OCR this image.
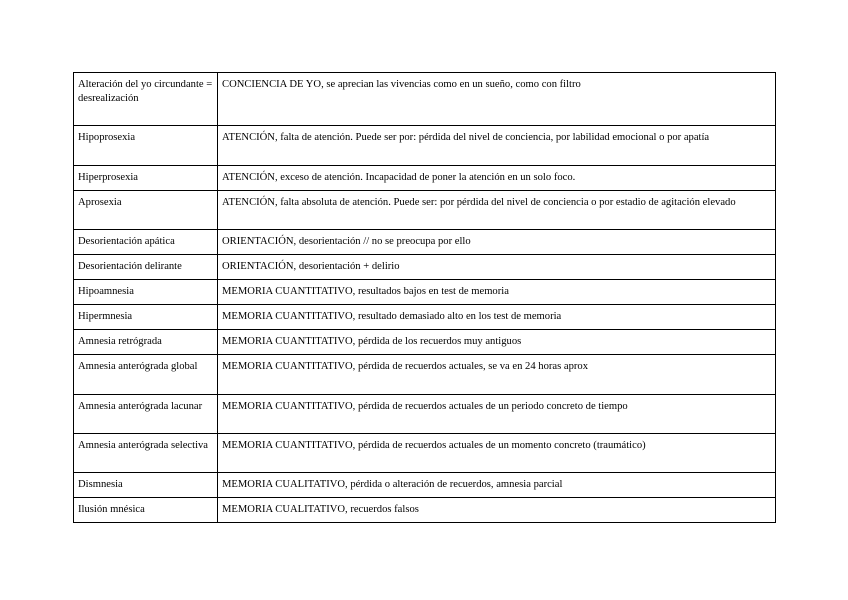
Alteración del yo circundante = desrealización	CONCIENCIA DE YO, se aprecian las vivencias como en un sueño, como con filtro
Hipoprosexia	ATENCIÓN, falta de atención. Puede ser por: pérdida del nivel de conciencia, por labilidad emocional o por apatía
Hiperprosexia	ATENCIÓN, exceso de atención. Incapacidad de poner la atención en un solo foco.
Aprosexia	ATENCIÓN, falta absoluta de atención. Puede ser: por pérdida del nivel de conciencia o por estadio de agitación elevado
Desorientación apática	ORIENTACIÓN, desorientación // no se preocupa por ello
Desorientación delirante	ORIENTACIÓN, desorientación + delirio
Hipoamnesia	MEMORIA CUANTITATIVO, resultados bajos en test de memoria
Hipermnesia	MEMORIA CUANTITATIVO, resultado demasiado alto en los test de memoria
Amnesia retrógrada	MEMORIA CUANTITATIVO, pérdida de los recuerdos muy antiguos
Amnesia anterógrada global	MEMORIA CUANTITATIVO, pérdida de recuerdos actuales, se va en 24 horas aprox
Amnesia anterógrada lacunar	MEMORIA CUANTITATIVO, pérdida de recuerdos actuales de un periodo concreto de tiempo
Amnesia anterógrada selectiva	MEMORIA CUANTITATIVO, pérdida de recuerdos actuales de un momento concreto (traumático)
Dismnesia	MEMORIA CUALITATIVO, pérdida o alteración de recuerdos, amnesia parcial
Ilusión mnésica	MEMORIA CUALITATIVO, recuerdos falsos
